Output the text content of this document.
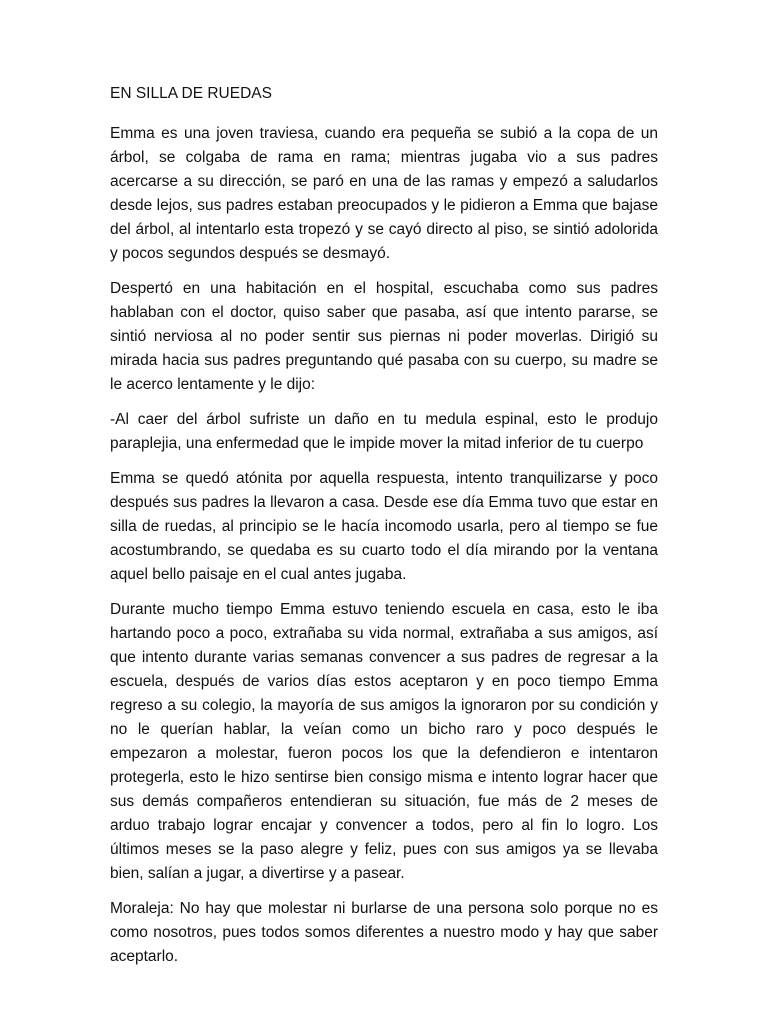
EN SILLA DE RUEDAS

Emma es una joven traviesa, cuando era pequeña se subió a la copa de un árbol, se colgaba de rama en rama; mientras jugaba vio a sus padres acercarse a su dirección, se paró en una de las ramas y empezó a saludarlos desde lejos, sus padres estaban preocupados y le pidieron a Emma que bajase del árbol, al intentarlo esta tropezó y se cayó directo al piso, se sintió adolorida y pocos segundos después se desmayó.

Despertó en una habitación en el hospital, escuchaba como sus padres hablaban con el doctor, quiso saber que pasaba, así que intento pararse, se sintió nerviosa al no poder sentir sus piernas ni poder moverlas. Dirigió su mirada hacia sus padres preguntando qué pasaba con su cuerpo, su madre se le acerco lentamente y le dijo:

-Al caer del árbol sufriste un daño en tu medula espinal, esto le produjo paraplejia, una enfermedad que le impide mover la mitad inferior de tu cuerpo

Emma se quedó atónita por aquella respuesta, intento tranquilizarse y poco después sus padres la llevaron a casa. Desde ese día Emma tuvo que estar en silla de ruedas, al principio se le hacía incomodo usarla, pero al tiempo se fue acostumbrando, se quedaba es su cuarto todo el día mirando por la ventana aquel bello paisaje en el cual antes jugaba.

Durante mucho tiempo Emma estuvo teniendo escuela en casa, esto le iba hartando poco a poco, extrañaba su vida normal, extrañaba a sus amigos, así que intento durante varias semanas convencer a sus padres de regresar a la escuela, después de varios días estos aceptaron y en poco tiempo Emma regreso a su colegio, la mayoría de sus amigos la ignoraron por su condición y no le querían hablar, la veían como un bicho raro y poco después le empezaron a molestar, fueron pocos los que la defendieron e intentaron protegerla, esto le hizo sentirse bien consigo misma e intento lograr hacer que sus demás compañeros entendieran su situación, fue más de 2 meses de arduo trabajo lograr encajar y convencer a todos, pero al fin lo logro. Los últimos meses se la paso alegre y feliz, pues con sus amigos ya se llevaba bien, salían a jugar, a divertirse y a pasear.

Moraleja: No hay que molestar ni burlarse de una persona solo porque no es como nosotros, pues todos somos diferentes a nuestro modo y hay que saber aceptarlo.
